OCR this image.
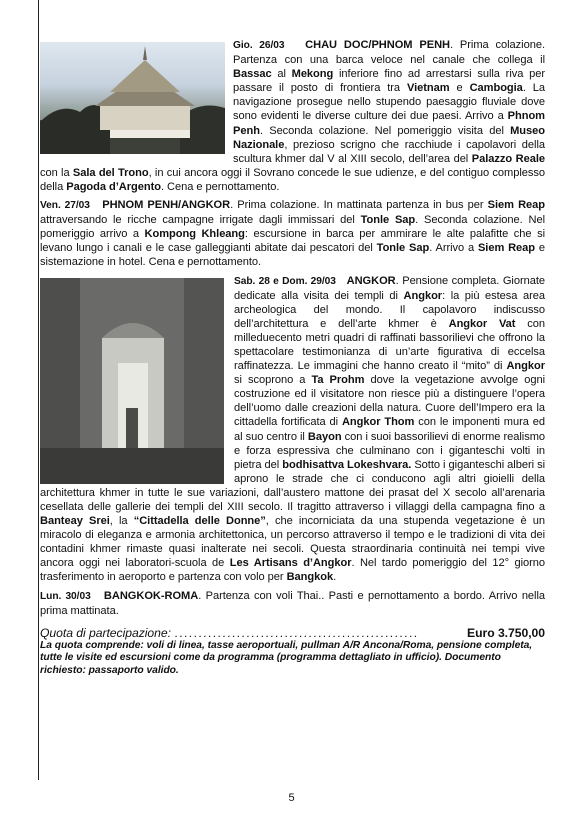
Gio. 26/03 CHAU DOC/PHNOM PENH. Prima colazione. Partenza con una barca veloce nel canale che collega il Bassac al Mekong inferiore fino ad arrestarsi sulla riva per passare il posto di frontiera tra Vietnam e Cambogia. La navigazione prosegue nello stupendo paesaggio fluviale dove sono evidenti le diverse culture dei due paesi. Arrivo a Phnom Penh. Seconda colazione. Nel pomeriggio visita del Museo Nazionale, prezioso scrigno che racchiude i capolavori della scultura khmer dal V al XIII secolo, dell’area del Palazzo Reale con la Sala del Trono, in cui ancora oggi il Sovrano concede le sue udienze, e del contiguo complesso della Pagoda d’Argento. Cena e pernottamento.
Ven. 27/03 PHNOM PENH/ANGKOR. Prima colazione. In mattinata partenza in bus per Siem Reap attraversando le ricche campagne irrigate dagli immissari del Tonle Sap. Seconda colazione. Nel pomeriggio arrivo a Kompong Khleang: escursione in barca per ammirare le alte palafitte che si levano lungo i canali e le case galleggianti abitate dai pescatori del Tonle Sap. Arrivo a Siem Reap e sistemazione in hotel. Cena e pernottamento.
Sab. 28 e Dom. 29/03 ANGKOR. Pensione completa. Giornate dedicate alla visita dei templi di Angkor: la più estesa area archeologica del mondo. Il capolavoro indiscusso dell’architettura e dell’arte khmer è Angkor Vat con milleduecento metri quadri di raffinati bassorilievi che offrono la spettacolare testimonianza di un’arte figurativa di eccelsa raffinatezza. Le immagini che hanno creato il “mito” di Angkor si scoprono a Ta Prohm dove la vegetazione avvolge ogni costruzione ed il visitatore non riesce più a distinguere l’opera dell’uomo dalle creazioni della natura. Cuore dell’Impero era la cittadella fortificata di Angkor Thom con le imponenti mura ed al suo centro il Bayon con i suoi bassorilievi di enorme realismo e forza espressiva che culminano con i giganteschi volti in pietra del bodhisattva Lokeshvara. Sotto i giganteschi alberi si aprono le strade che ci conducono agli altri gioielli della architettura khmer in tutte le sue variazioni, dall’austero mattone dei prasat del X secolo all’arenaria cesellata delle gallerie dei templi del XIII secolo. Il tragitto attraverso i villaggi della campagna fino a Banteay Srei, la “Cittadella delle Donne”, che incorniciata da una stupenda vegetazione è un miracolo di eleganza e armonia architettonica, un percorso attraverso il tempo e le tradizioni di vita dei contadini khmer rimaste quasi inalterate nei secoli. Questa straordinaria continuità nei tempi vive ancora oggi nei laboratori-scuola de Les Artisans d’Angkor. Nel tardo pomeriggio del 12° giorno trasferimento in aeroporto e partenza con volo per Bangkok.
Lun. 30/03 BANGKOK-ROMA. Partenza con voli Thai.. Pasti e pernottamento a bordo. Arrivo nella prima mattinata.
Quota di partecipazione: ...................................................	Euro 3.750,00
La quota comprende: voli di linea, tasse aeroportuali, pullman A/R Ancona/Roma, pensione completa, tutte le visite ed escursioni come da programma (programma dettagliato in ufficio). Documento richiesto: passaporto valido.
5
